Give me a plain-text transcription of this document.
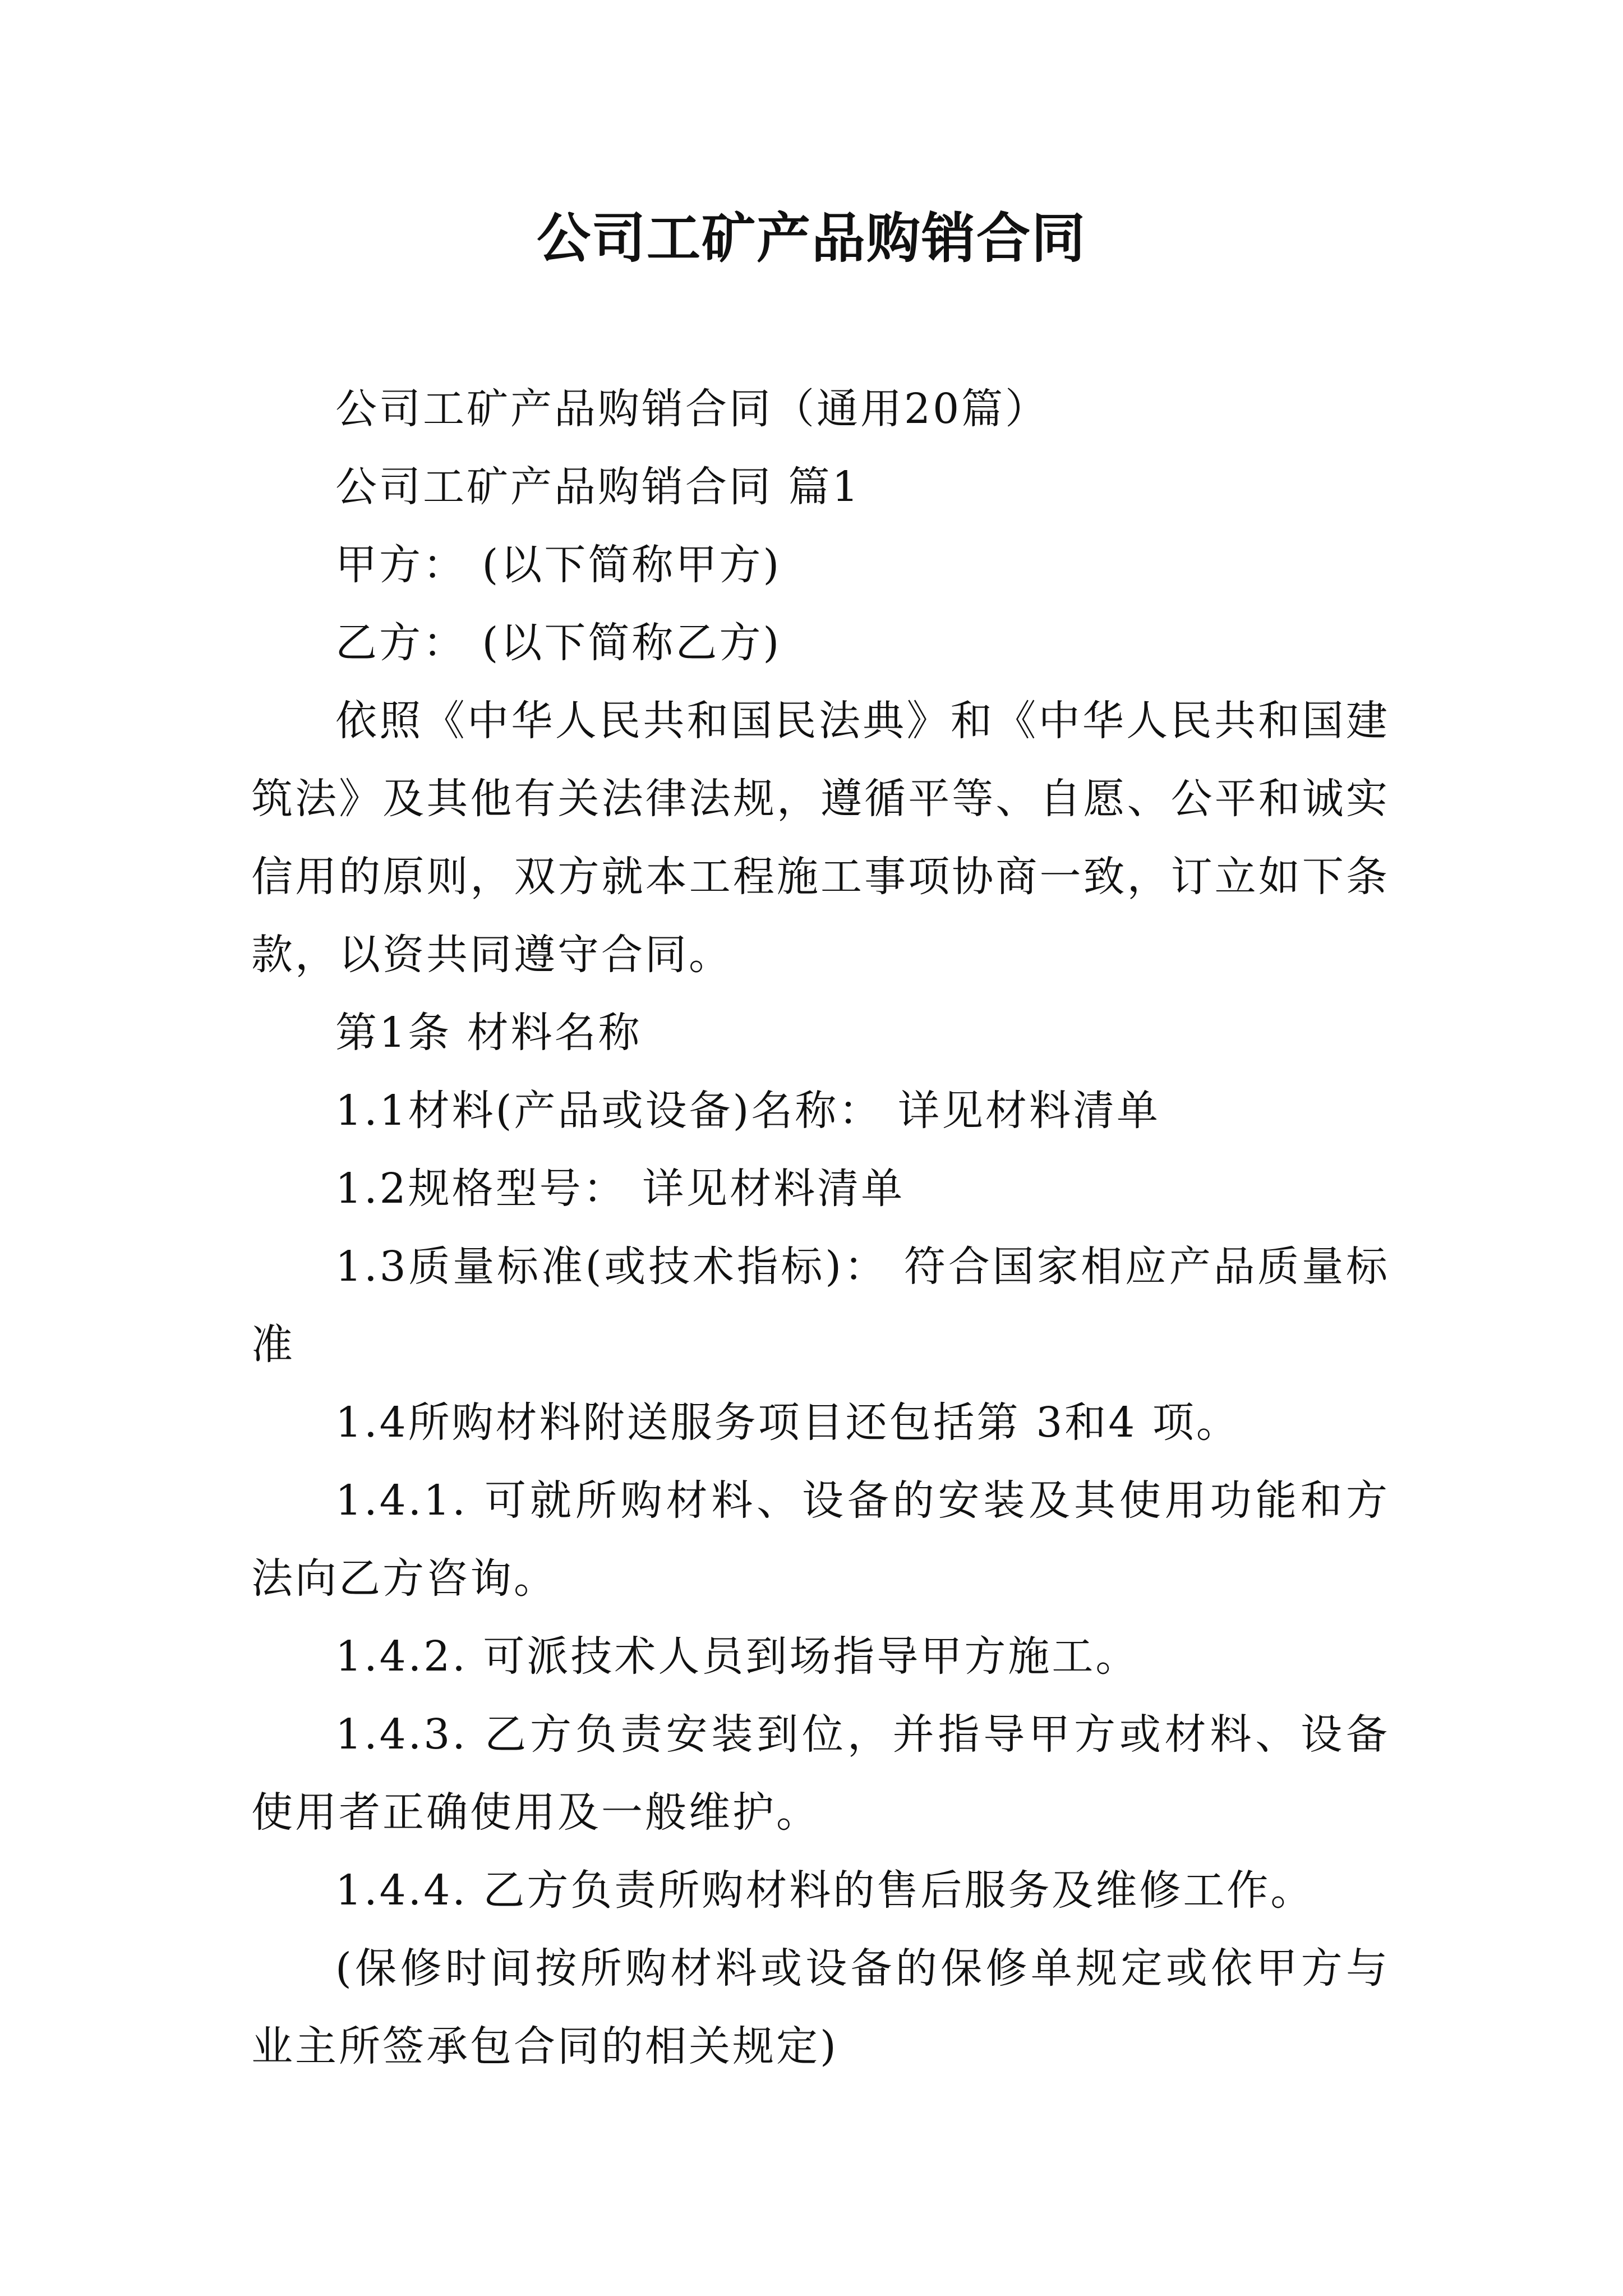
公司工矿产品购销合同

公司工矿产品购销合同（通用20篇）

公司工矿产品购销合同 篇1

甲方： (以下简称甲方)

乙方： (以下简称乙方)

依照《中华人民共和国民法典》和《中华人民共和国建筑法》及其他有关法律法规，遵循平等、自愿、公平和诚实信用的原则，双方就本工程施工事项协商一致，订立如下条款，以资共同遵守合同。

第1条 材料名称

1.1材料(产品或设备)名称： 详见材料清单

1.2规格型号： 详见材料清单

1.3质量标准(或技术指标)： 符合国家相应产品质量标准

1.4所购材料附送服务项目还包括第 3和4 项。

1.4.1. 可就所购材料、设备的安装及其使用功能和方法向乙方咨询。

1.4.2. 可派技术人员到场指导甲方施工。

1.4.3. 乙方负责安装到位，并指导甲方或材料、设备使用者正确使用及一般维护。

1.4.4. 乙方负责所购材料的售后服务及维修工作。

(保修时间按所购材料或设备的保修单规定或依甲方与业主所签承包合同的相关规定)
